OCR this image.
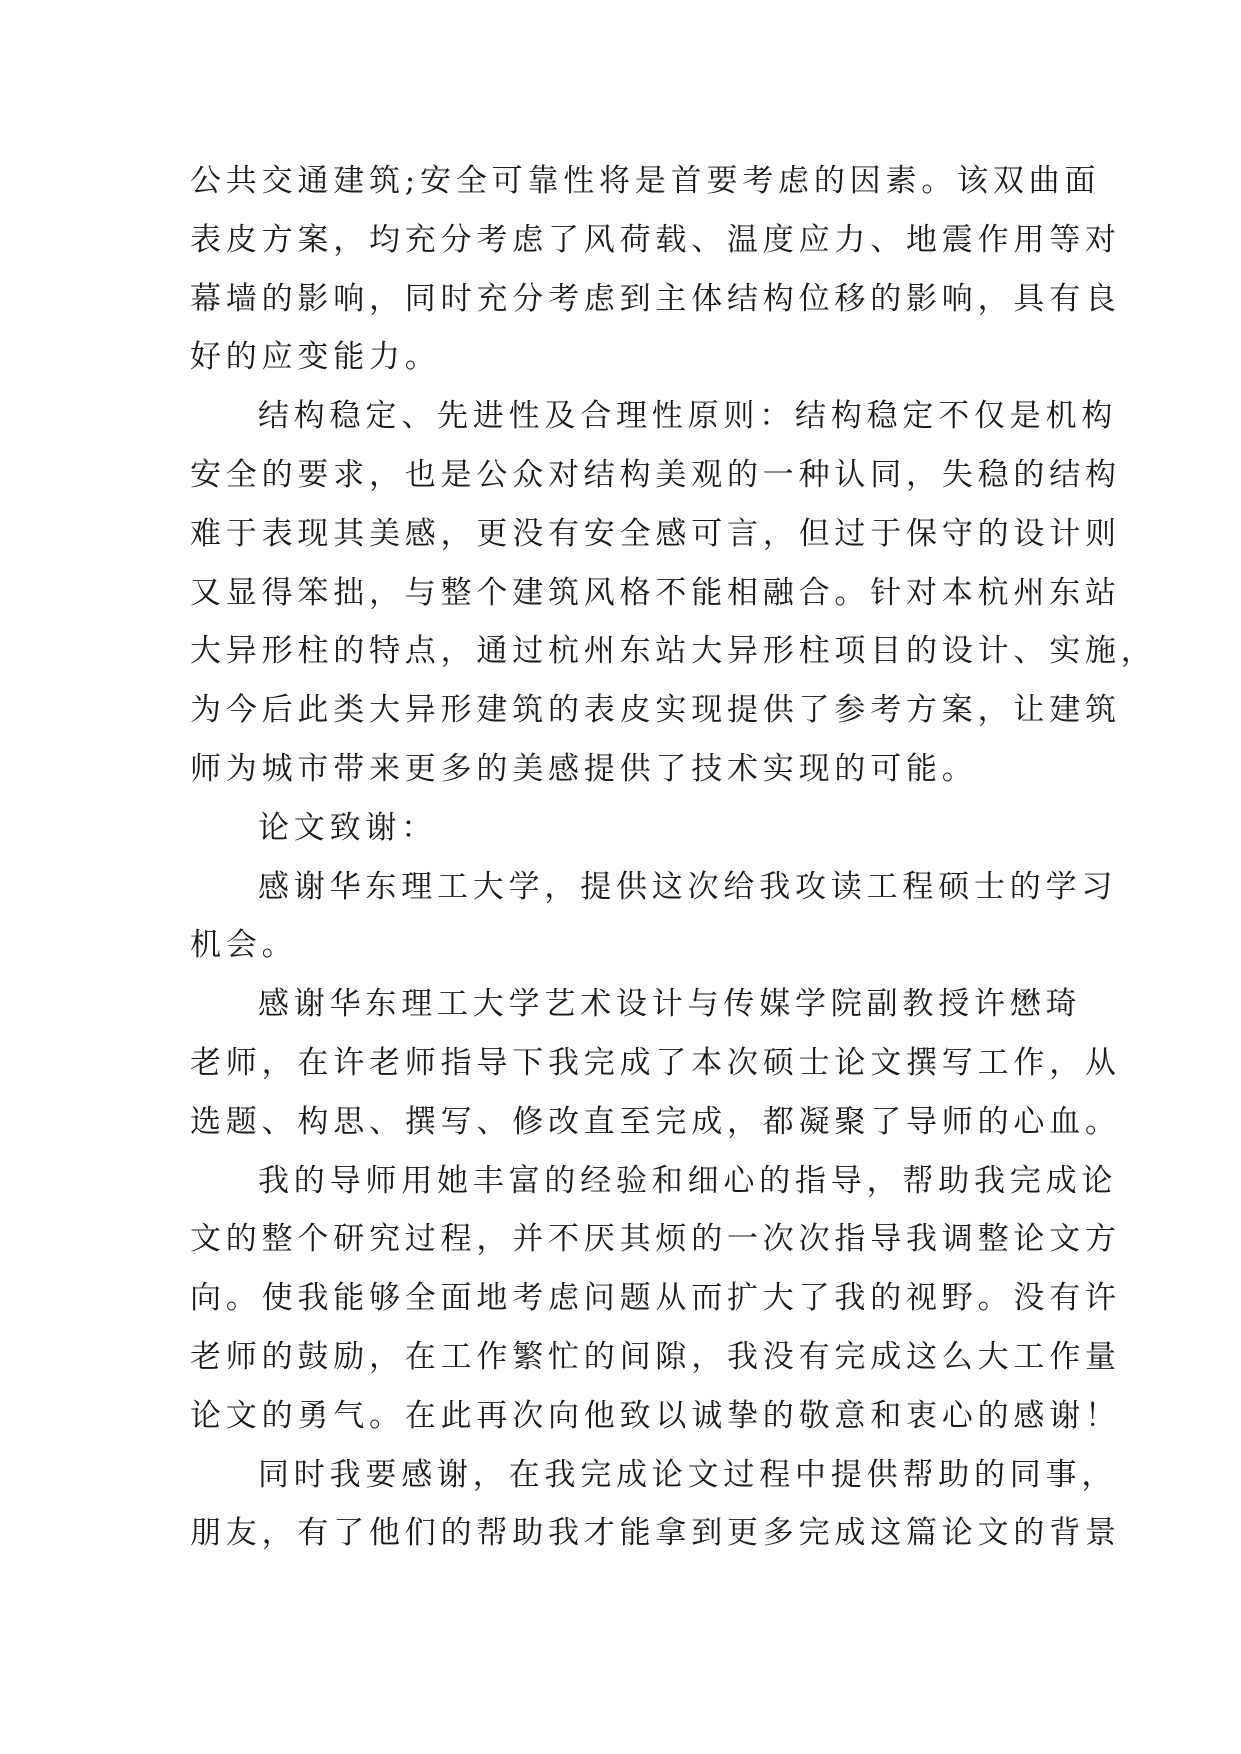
公共交通建筑;安全可靠性将是首要考虑的因素。该双曲面
表皮方案，均充分考虑了风荷载、温度应力、地震作用等对
幕墙的影响，同时充分考虑到主体结构位移的影响，具有良
好的应变能力。
结构稳定、先进性及合理性原则：结构稳定不仅是机构
安全的要求，也是公众对结构美观的一种认同，失稳的结构
难于表现其美感，更没有安全感可言，但过于保守的设计则
又显得笨拙，与整个建筑风格不能相融合。针对本杭州东站
大异形柱的特点，通过杭州东站大异形柱项目的设计、实施，
为今后此类大异形建筑的表皮实现提供了参考方案，让建筑
师为城市带来更多的美感提供了技术实现的可能。
论文致谢：
感谢华东理工大学，提供这次给我攻读工程硕士的学习
机会。
感谢华东理工大学艺术设计与传媒学院副教授许懋琦
老师，在许老师指导下我完成了本次硕士论文撰写工作，从
选题、构思、撰写、修改直至完成，都凝聚了导师的心血。
我的导师用她丰富的经验和细心的指导，帮助我完成论
文的整个研究过程，并不厌其烦的一次次指导我调整论文方
向。使我能够全面地考虑问题从而扩大了我的视野。没有许
老师的鼓励，在工作繁忙的间隙，我没有完成这么大工作量
论文的勇气。在此再次向他致以诚挚的敬意和衷心的感谢！
同时我要感谢，在我完成论文过程中提供帮助的同事，
朋友，有了他们的帮助我才能拿到更多完成这篇论文的背景
